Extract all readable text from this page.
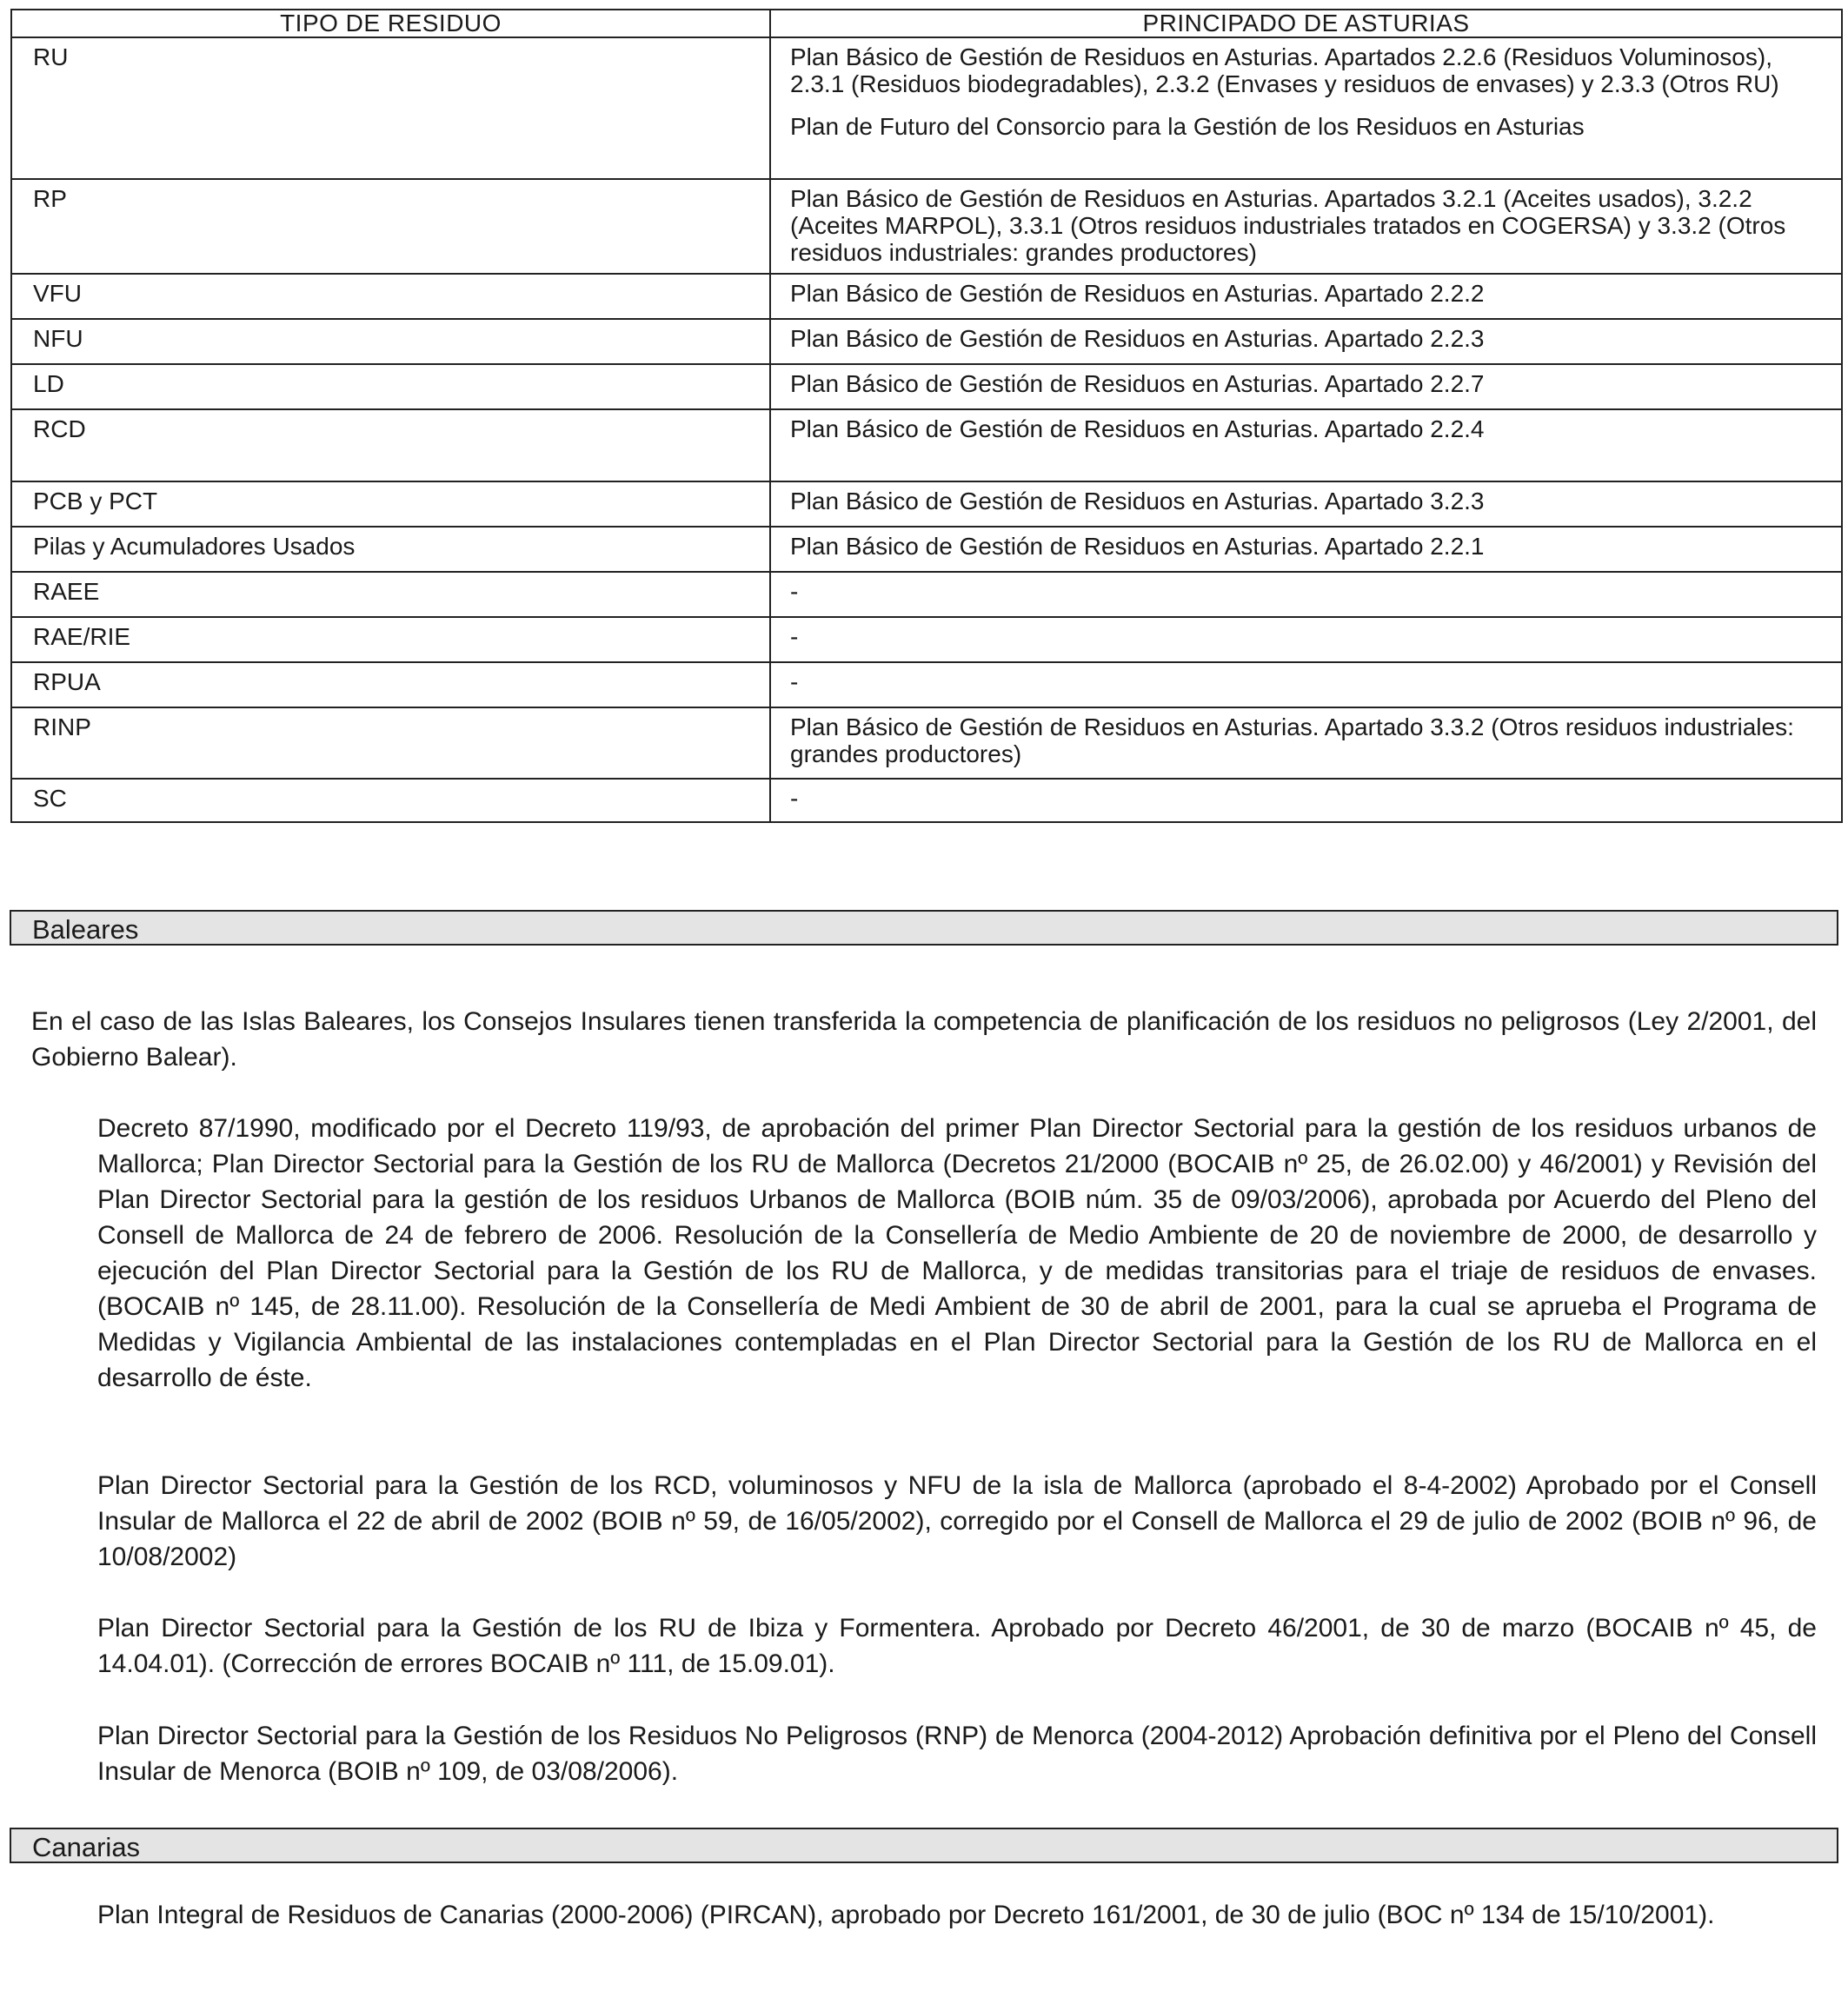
TIPO DE RESIDUO	PRINCIPADO DE ASTURIAS
RU	Plan Básico de Gestión de Residuos en Asturias. Apartados 2.2.6 (Residuos Voluminosos), 2.3.1 (Residuos biodegradables), 2.3.2 (Envases y residuos de envases) y 2.3.3 (Otros RU)

Plan de Futuro del Consorcio para la Gestión de los Residuos en Asturias

RP	Plan Básico de Gestión de Residuos en Asturias. Apartados 3.2.1 (Aceites usados), 3.2.2 (Aceites MARPOL), 3.3.1 (Otros residuos industriales tratados en COGERSA) y 3.3.2 (Otros residuos industriales: grandes productores)

VFU	Plan Básico de Gestión de Residuos en Asturias. Apartado 2.2.2

NFU	Plan Básico de Gestión de Residuos en Asturias. Apartado 2.2.3

LD	Plan Básico de Gestión de Residuos en Asturias. Apartado 2.2.7

RCD	Plan Básico de Gestión de Residuos en Asturias. Apartado 2.2.4

PCB y PCT	Plan Básico de Gestión de Residuos en Asturias. Apartado 3.2.3

Pilas y Acumuladores Usados	Plan Básico de Gestión de Residuos en Asturias. Apartado 2.2.1

RAEE	-

RAE/RIE	-

RPUA	-

RINP	Plan Básico de Gestión de Residuos en Asturias. Apartado 3.3.2 (Otros residuos industriales: grandes productores)

SC	-

Baleares

En el caso de las Islas Baleares, los Consejos Insulares tienen transferida la competencia de planificación de los residuos no peligrosos (Ley 2/2001, del Gobierno Balear).

Decreto 87/1990, modificado por el Decreto 119/93, de aprobación del primer Plan Director Sectorial para la gestión de los residuos urbanos de Mallorca; Plan Director Sectorial para la Gestión de los RU de Mallorca (Decretos 21/2000 (BOCAIB nº 25, de 26.02.00) y 46/2001) y Revisión del Plan Director Sectorial para la gestión de los residuos Urbanos de Mallorca (BOIB núm. 35 de 09/03/2006), aprobada por Acuerdo del Pleno del Consell de Mallorca de 24 de febrero de 2006. Resolución de la Consellería de Medio Ambiente de 20 de noviembre de 2000, de desarrollo y ejecución del Plan Director Sectorial para la Gestión de los RU de Mallorca, y de medidas transitorias para el triaje de residuos de envases. (BOCAIB nº 145, de 28.11.00). Resolución de la Consellería de Medi Ambient de 30 de abril de 2001, para la cual se aprueba el Programa de Medidas y Vigilancia Ambiental de las instalaciones contempladas en el Plan Director Sectorial para la Gestión de los RU de Mallorca en el desarrollo de éste.

Plan Director Sectorial para la Gestión de los RCD, voluminosos y NFU de la isla de Mallorca (aprobado el 8-4-2002) Aprobado por el Consell Insular de Mallorca el 22 de abril de 2002 (BOIB nº 59, de 16/05/2002), corregido por el Consell de Mallorca el 29 de julio de 2002 (BOIB nº 96, de 10/08/2002)

Plan Director Sectorial para la Gestión de los RU de Ibiza y Formentera. Aprobado por Decreto 46/2001, de 30 de marzo (BOCAIB nº 45, de 14.04.01). (Corrección de errores BOCAIB nº 111, de 15.09.01).

Plan Director Sectorial para la Gestión de los Residuos No Peligrosos (RNP) de Menorca (2004-2012) Aprobación definitiva por el Pleno del Consell Insular de Menorca (BOIB nº 109, de 03/08/2006).

Canarias

Plan Integral de Residuos de Canarias (2000-2006) (PIRCAN), aprobado por Decreto 161/2001, de 30 de julio (BOC nº 134 de 15/10/2001).
